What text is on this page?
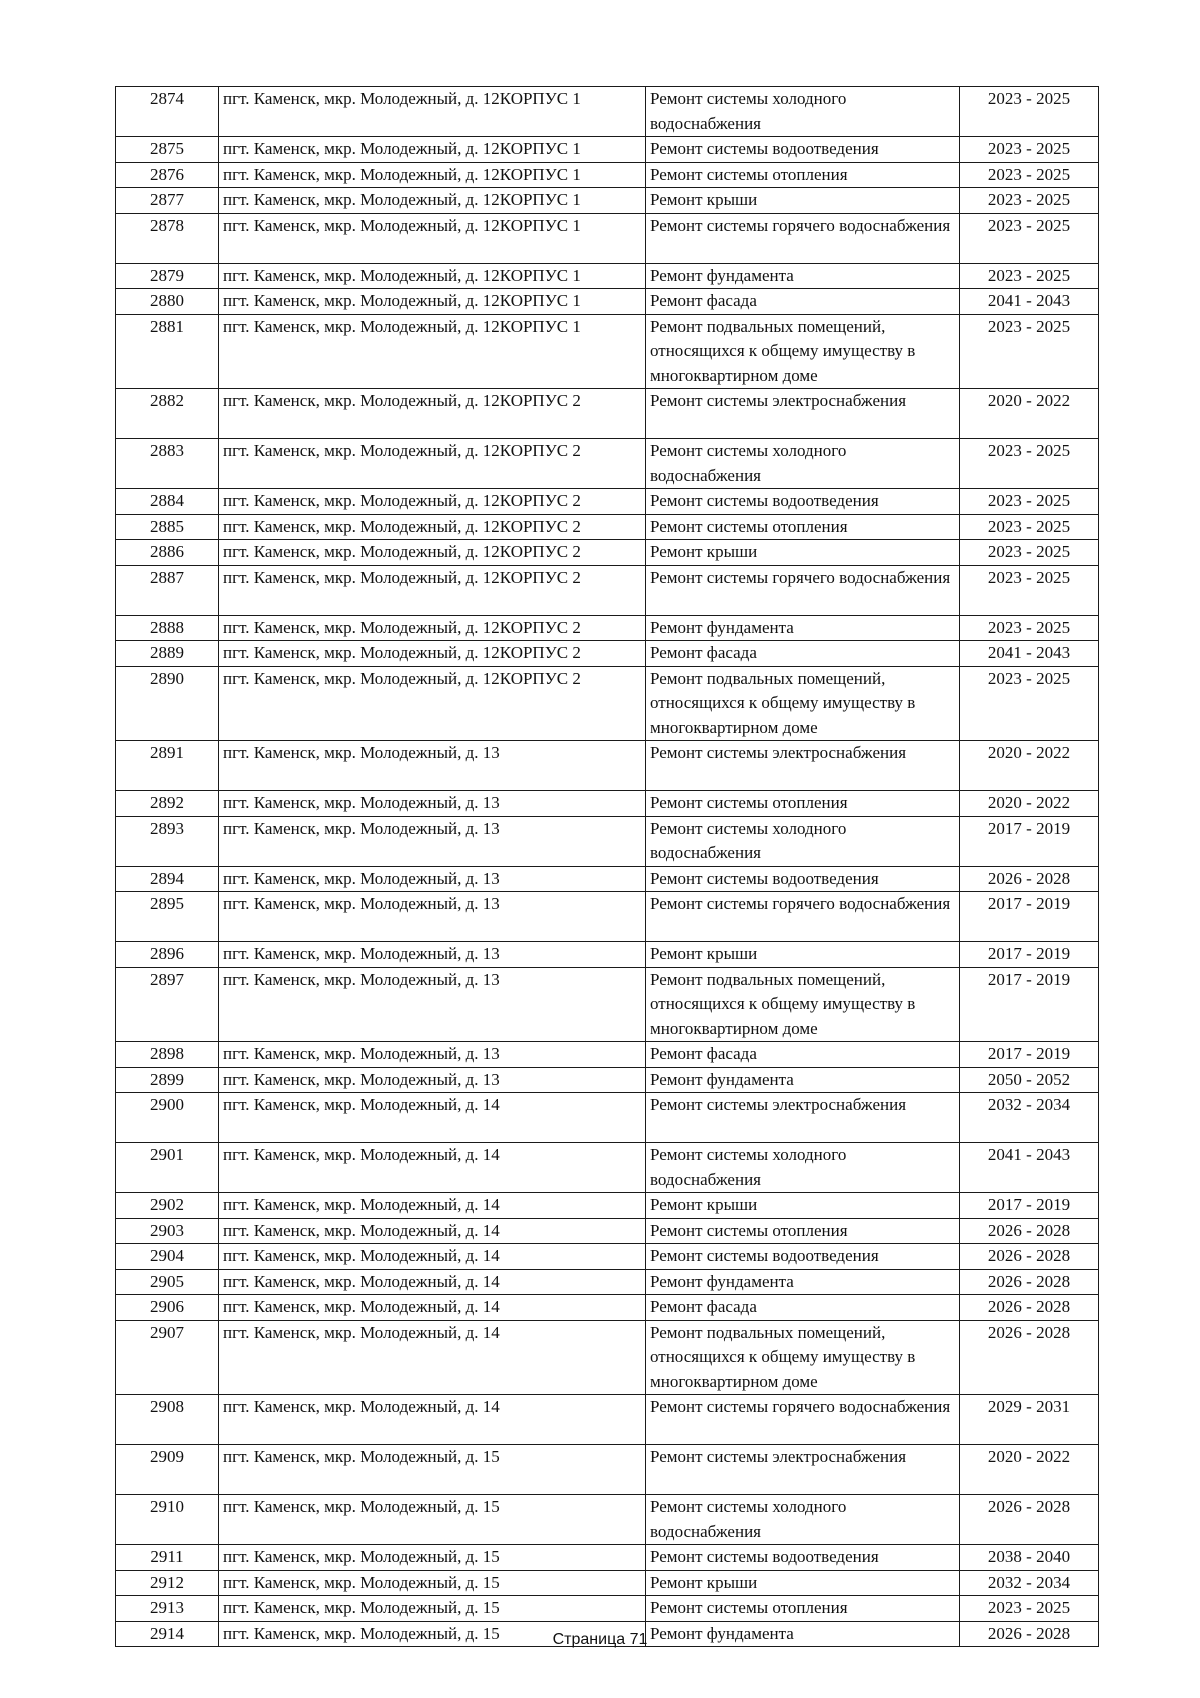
2874	пгт. Каменск, мкр. Молодежный, д. 12КОРПУС 1	Ремонт системы холодного водоснабжения	2023 - 2025
2875	пгт. Каменск, мкр. Молодежный, д. 12КОРПУС 1	Ремонт системы водоотведения	2023 - 2025
2876	пгт. Каменск, мкр. Молодежный, д. 12КОРПУС 1	Ремонт системы отопления	2023 - 2025
2877	пгт. Каменск, мкр. Молодежный, д. 12КОРПУС 1	Ремонт крыши	2023 - 2025
2878	пгт. Каменск, мкр. Молодежный, д. 12КОРПУС 1	Ремонт системы горячего водоснабжения	2023 - 2025
2879	пгт. Каменск, мкр. Молодежный, д. 12КОРПУС 1	Ремонт фундамента	2023 - 2025
2880	пгт. Каменск, мкр. Молодежный, д. 12КОРПУС 1	Ремонт фасада	2041 - 2043
2881	пгт. Каменск, мкр. Молодежный, д. 12КОРПУС 1	Ремонт подвальных помещений, относящихся к общему имуществу в многоквартирном доме	2023 - 2025
2882	пгт. Каменск, мкр. Молодежный, д. 12КОРПУС 2	Ремонт системы электроснабжения	2020 - 2022
2883	пгт. Каменск, мкр. Молодежный, д. 12КОРПУС 2	Ремонт системы холодного водоснабжения	2023 - 2025
2884	пгт. Каменск, мкр. Молодежный, д. 12КОРПУС 2	Ремонт системы водоотведения	2023 - 2025
2885	пгт. Каменск, мкр. Молодежный, д. 12КОРПУС 2	Ремонт системы отопления	2023 - 2025
2886	пгт. Каменск, мкр. Молодежный, д. 12КОРПУС 2	Ремонт крыши	2023 - 2025
2887	пгт. Каменск, мкр. Молодежный, д. 12КОРПУС 2	Ремонт системы горячего водоснабжения	2023 - 2025
2888	пгт. Каменск, мкр. Молодежный, д. 12КОРПУС 2	Ремонт фундамента	2023 - 2025
2889	пгт. Каменск, мкр. Молодежный, д. 12КОРПУС 2	Ремонт фасада	2041 - 2043
2890	пгт. Каменск, мкр. Молодежный, д. 12КОРПУС 2	Ремонт подвальных помещений, относящихся к общему имуществу в многоквартирном доме	2023 - 2025
2891	пгт. Каменск, мкр. Молодежный, д. 13	Ремонт системы электроснабжения	2020 - 2022
2892	пгт. Каменск, мкр. Молодежный, д. 13	Ремонт системы отопления	2020 - 2022
2893	пгт. Каменск, мкр. Молодежный, д. 13	Ремонт системы холодного водоснабжения	2017 - 2019
2894	пгт. Каменск, мкр. Молодежный, д. 13	Ремонт системы водоотведения	2026 - 2028
2895	пгт. Каменск, мкр. Молодежный, д. 13	Ремонт системы горячего водоснабжения	2017 - 2019
2896	пгт. Каменск, мкр. Молодежный, д. 13	Ремонт крыши	2017 - 2019
2897	пгт. Каменск, мкр. Молодежный, д. 13	Ремонт подвальных помещений, относящихся к общему имуществу в многоквартирном доме	2017 - 2019
2898	пгт. Каменск, мкр. Молодежный, д. 13	Ремонт фасада	2017 - 2019
2899	пгт. Каменск, мкр. Молодежный, д. 13	Ремонт фундамента	2050 - 2052
2900	пгт. Каменск, мкр. Молодежный, д. 14	Ремонт системы электроснабжения	2032 - 2034
2901	пгт. Каменск, мкр. Молодежный, д. 14	Ремонт системы холодного водоснабжения	2041 - 2043
2902	пгт. Каменск, мкр. Молодежный, д. 14	Ремонт крыши	2017 - 2019
2903	пгт. Каменск, мкр. Молодежный, д. 14	Ремонт системы отопления	2026 - 2028
2904	пгт. Каменск, мкр. Молодежный, д. 14	Ремонт системы водоотведения	2026 - 2028
2905	пгт. Каменск, мкр. Молодежный, д. 14	Ремонт фундамента	2026 - 2028
2906	пгт. Каменск, мкр. Молодежный, д. 14	Ремонт фасада	2026 - 2028
2907	пгт. Каменск, мкр. Молодежный, д. 14	Ремонт подвальных помещений, относящихся к общему имуществу в многоквартирном доме	2026 - 2028
2908	пгт. Каменск, мкр. Молодежный, д. 14	Ремонт системы горячего водоснабжения	2029 - 2031
2909	пгт. Каменск, мкр. Молодежный, д. 15	Ремонт системы электроснабжения	2020 - 2022
2910	пгт. Каменск, мкр. Молодежный, д. 15	Ремонт системы холодного водоснабжения	2026 - 2028
2911	пгт. Каменск, мкр. Молодежный, д. 15	Ремонт системы водоотведения	2038 - 2040
2912	пгт. Каменск, мкр. Молодежный, д. 15	Ремонт крыши	2032 - 2034
2913	пгт. Каменск, мкр. Молодежный, д. 15	Ремонт системы отопления	2023 - 2025
2914	пгт. Каменск, мкр. Молодежный, д. 15	Ремонт фундамента	2026 - 2028
Страница 71
